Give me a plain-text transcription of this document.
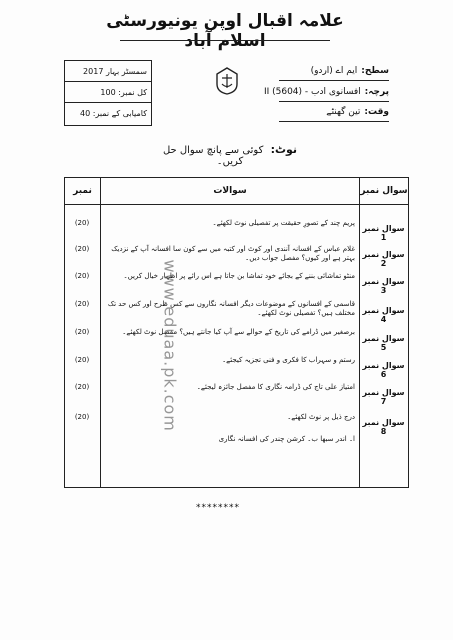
علامہ اقبال اوپن یونیورسٹی اسلام آباد
سمسٹر بہار 2017
کل نمبر: 100
کامیابی کے نمبر: 40
سطح:
ایم اے (اردو)
پرچہ:
افسانوی ادب - II (5604)
وقت:
تین گھنٹے
نوٹ: کوئی سے پانچ سوال حل کریں۔
سوال نمبر
سوالات
نمبر
سوال نمبر 1
پریم چند کے تصورِ حقیقت پر تفصیلی نوٹ لکھئے۔
(20)
سوال نمبر 2
غلام عباس کے افسانہ آنندی اور کوٹ اور کتبہ میں سے کون سا افسانہ آپ کے نزدیک بہتر ہے اور کیوں؟ مفصل جواب دیں۔
(20)
سوال نمبر 3
منٹو تماشائی بننے کے بجائے خود تماشا بن جاتا ہے اس رائے پر اظہار خیال کریں۔
(20)
سوال نمبر 4
قاسمی کے افسانوں کے موضوعات دیگر افسانہ نگاروں سے کس طرح اور کس حد تک مختلف ہیں؟ تفصیلی نوٹ لکھئے۔
(20)
سوال نمبر 5
برصغیر میں ڈرامے کی تاریخ کے حوالے سے آپ کیا جانتے ہیں؟ مفصل نوٹ لکھئے۔
(20)
سوال نمبر 6
رستم و سہراب کا فکری و فنی تجزیہ کیجئے۔
(20)
سوال نمبر 7
امتیاز علی تاج کی ڈرامہ نگاری کا مفصل جائزہ لیجئے۔
(20)
سوال نمبر 8
درج ذیل پر نوٹ لکھئے۔
ا۔ اندر سبھا ب۔ کرشن چندر کی افسانہ نگاری
(20)	www.eduaa.pk.com
********
